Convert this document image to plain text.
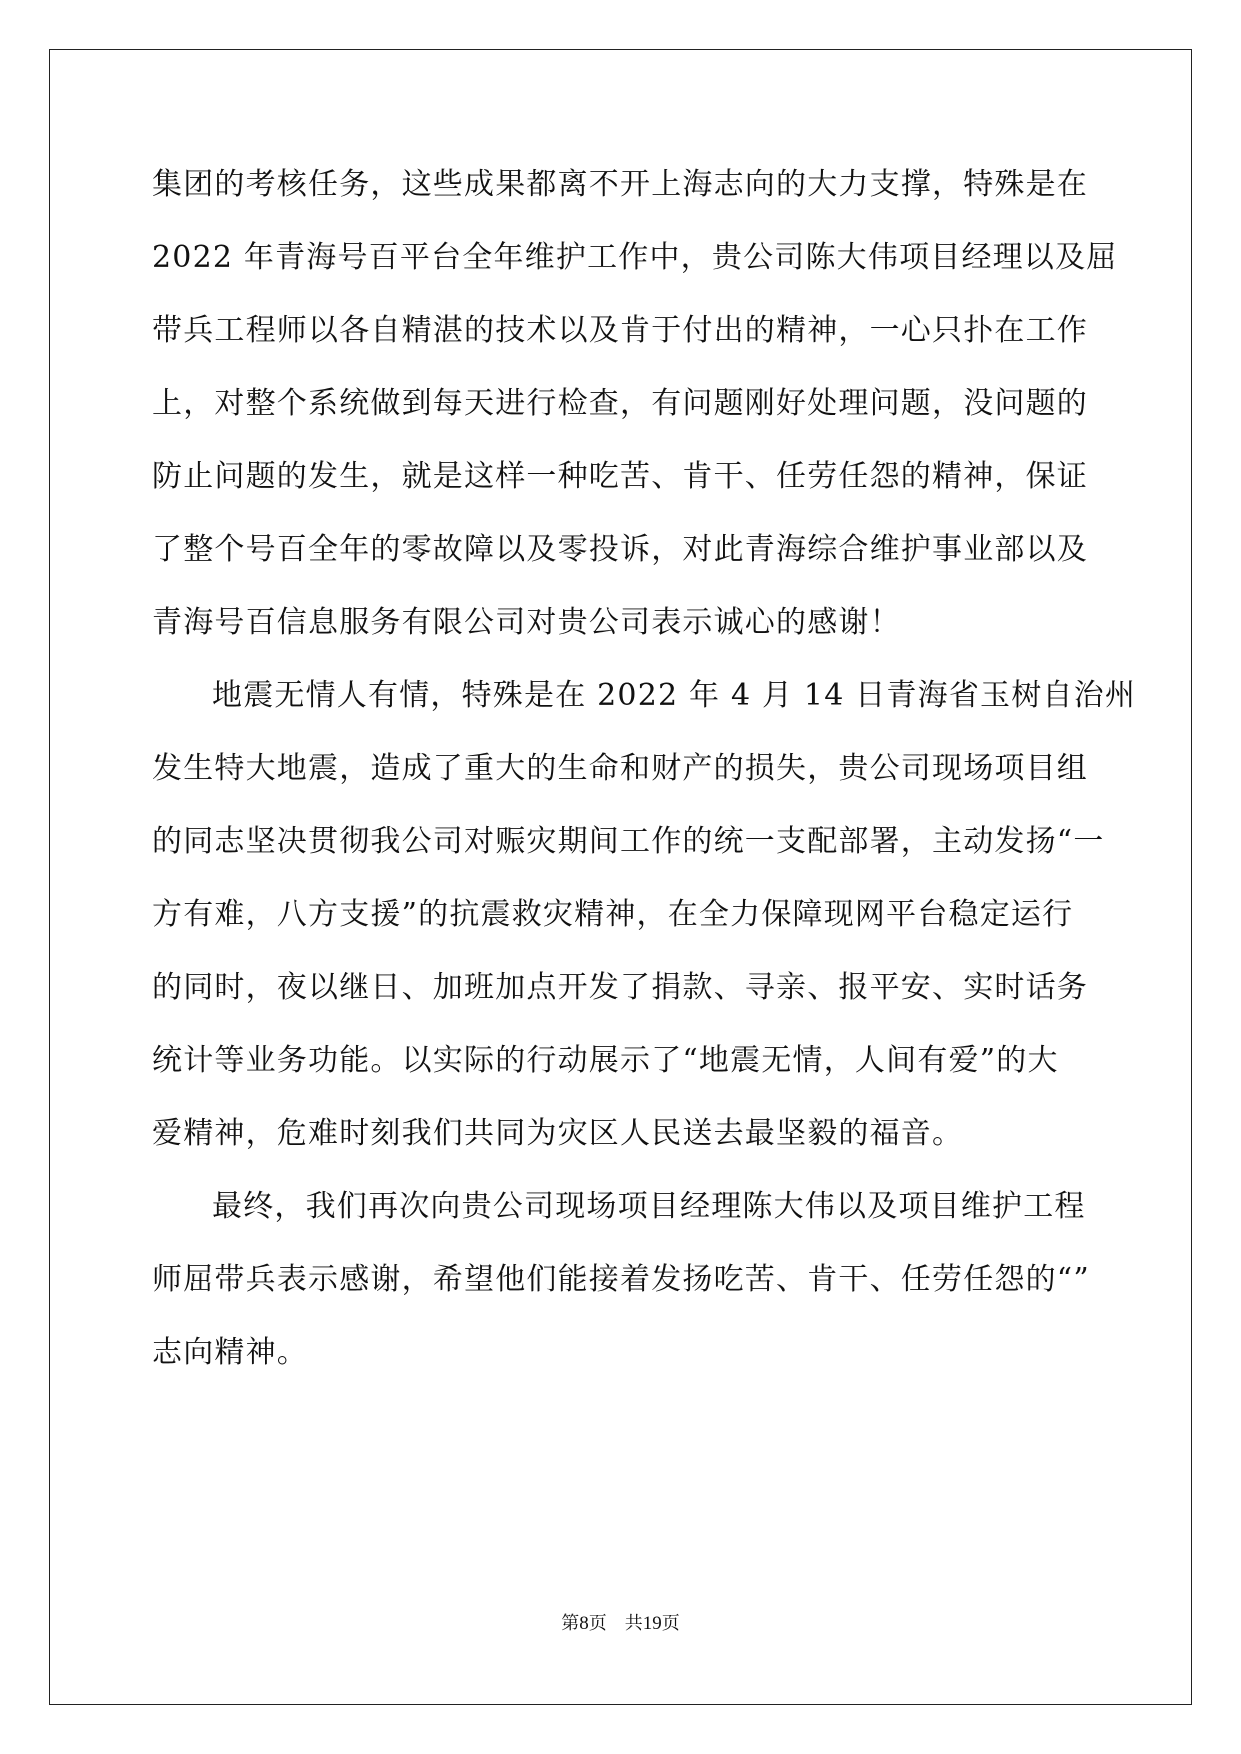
集团的考核任务，这些成果都离不开上海志向的大力支撑，特殊是在
2022 年青海号百平台全年维护工作中，贵公司陈大伟项目经理以及屈
带兵工程师以各自精湛的技术以及肯于付出的精神，一心只扑在工作
上，对整个系统做到每天进行检查，有问题刚好处理问题，没问题的
防止问题的发生，就是这样一种吃苦、肯干、任劳任怨的精神，保证
了整个号百全年的零故障以及零投诉，对此青海综合维护事业部以及
青海号百信息服务有限公司对贵公司表示诚心的感谢！
地震无情人有情，特殊是在 2022 年 4 月 14 日青海省玉树自治州
发生特大地震，造成了重大的生命和财产的损失，贵公司现场项目组
的同志坚决贯彻我公司对赈灾期间工作的统一支配部署，主动发扬“一
方有难，八方支援”的抗震救灾精神，在全力保障现网平台稳定运行
的同时，夜以继日、加班加点开发了捐款、寻亲、报平安、实时话务
统计等业务功能。以实际的行动展示了“地震无情，人间有爱”的大
爱精神，危难时刻我们共同为灾区人民送去最坚毅的福音。
最终，我们再次向贵公司现场项目经理陈大伟以及项目维护工程
师屈带兵表示感谢，希望他们能接着发扬吃苦、肯干、任劳任怨的“”
志向精神。
第8页 共19页
